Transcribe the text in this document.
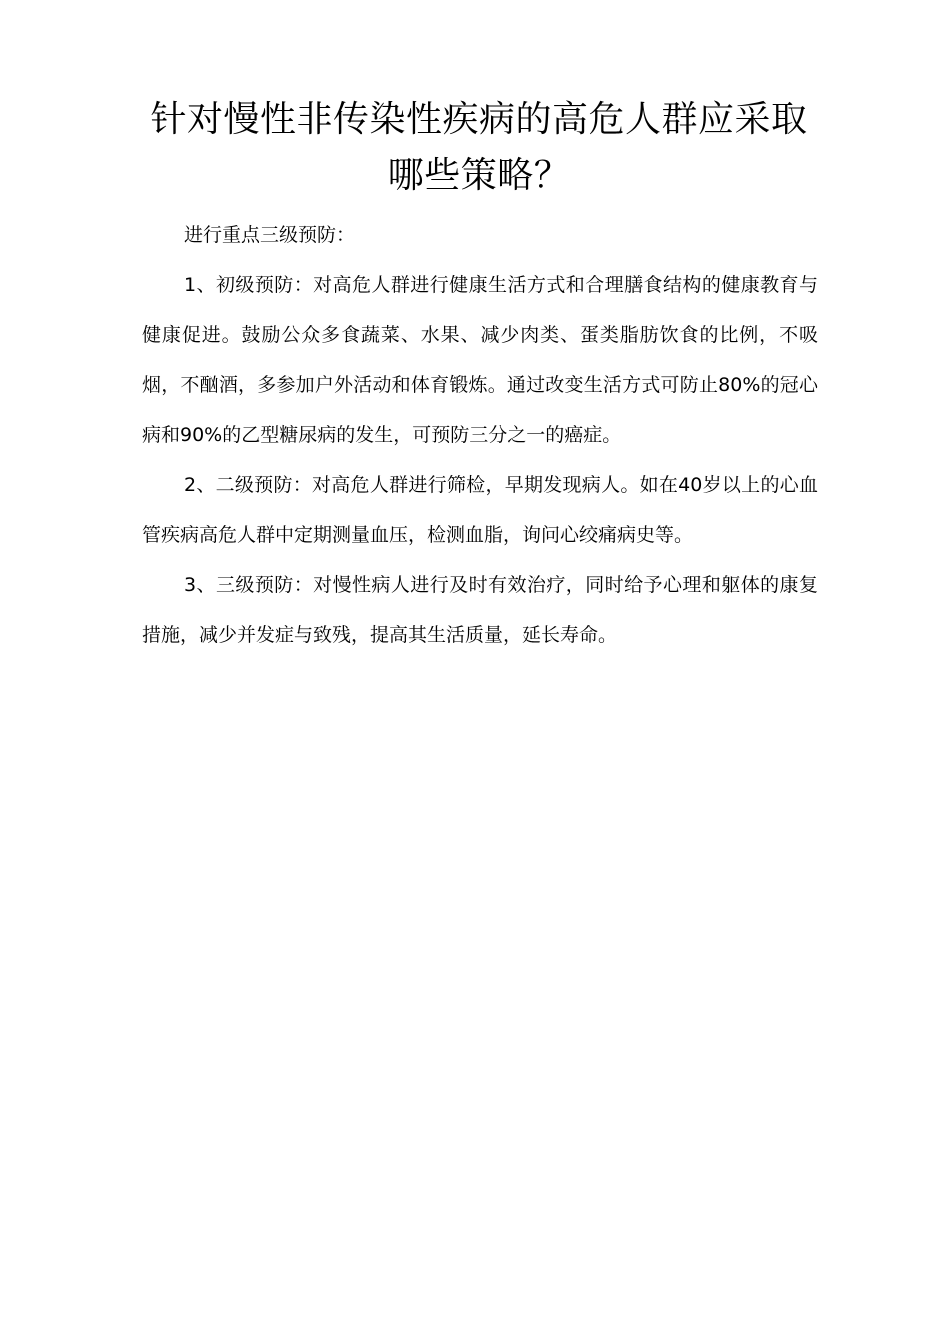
针对慢性非传染性疾病的高危人群应采取哪些策略？

进行重点三级预防：

1、初级预防：对高危人群进行健康生活方式和合理膳食结构的健康教育与健康促进。鼓励公众多食蔬菜、水果、减少肉类、蛋类脂肪饮食的比例，不吸烟，不酗酒，多参加户外活动和体育锻炼。通过改变生活方式可防止80%的冠心病和90%的乙型糖尿病的发生，可预防三分之一的癌症。

2、二级预防：对高危人群进行筛检，早期发现病人。如在40岁以上的心血管疾病高危人群中定期测量血压，检测血脂，询问心绞痛病史等。

3、三级预防：对慢性病人进行及时有效治疗，同时给予心理和躯体的康复措施，减少并发症与致残，提高其生活质量，延长寿命。
